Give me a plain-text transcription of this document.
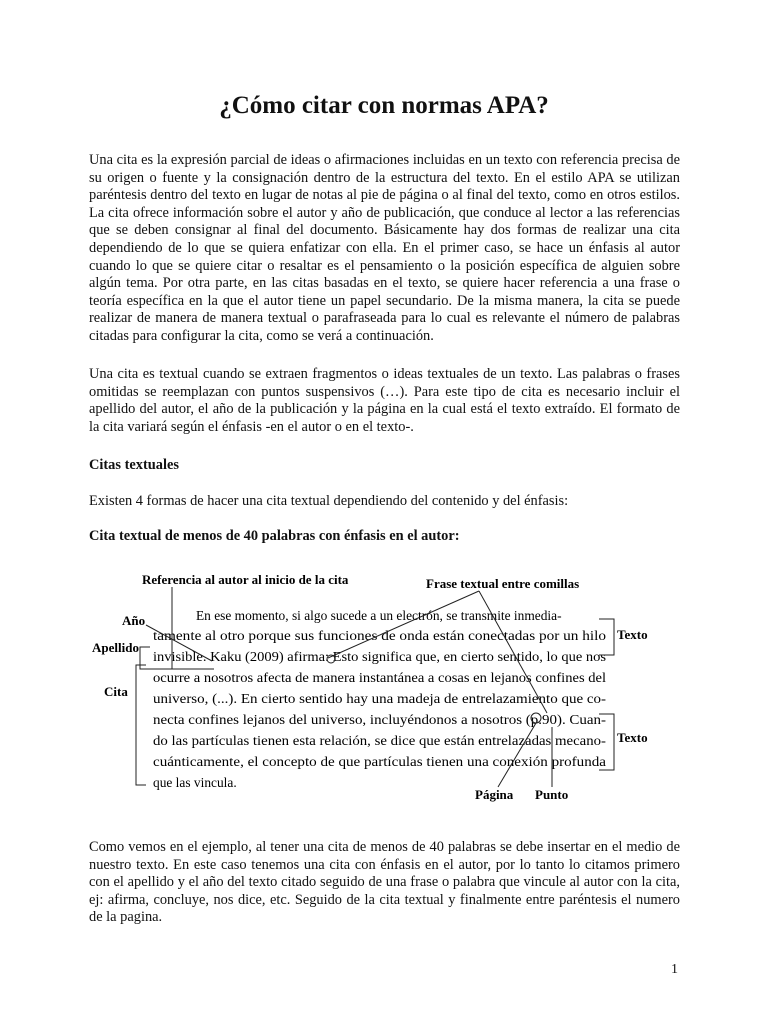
¿Cómo citar con normas APA?

Una cita es la expresión parcial de ideas o afirmaciones incluidas en un texto con referencia precisa de su origen o fuente y la consignación dentro de la estructura del texto. En el estilo APA se utilizan paréntesis dentro del texto en lugar de notas al pie de página o al final del texto, como en otros estilos. La cita ofrece información sobre el autor y año de publicación, que conduce al lector a las referencias que se deben consignar al final del documento. Básicamente hay dos formas de realizar una cita dependiendo de lo que se quiera enfatizar con ella. En el primer caso, se hace un énfasis al autor cuando lo que se quiere citar o resaltar es el pensamiento o la posición específica de alguien sobre algún tema. Por otra parte, en las citas basadas en el texto, se quiere hacer referencia a una frase o teoría específica en la que el autor tiene un papel secundario. De la misma manera, la cita se puede realizar de manera de manera textual o parafraseada para lo cual es relevante el número de palabras citadas para configurar la cita, como se verá a continuación.

Una cita es textual cuando se extraen fragmentos o ideas textuales de un texto. Las palabras o frases omitidas se reemplazan con puntos suspensivos (…). Para este tipo de cita es necesario incluir el apellido del autor, el año de la publicación y la página en la cual está el texto extraído. El formato de la cita variará según el énfasis -en el autor o en el texto-.

Citas textuales

Existen 4 formas de hacer una cita textual dependiendo del contenido y del énfasis:

Cita textual de menos de 40 palabras con énfasis en el autor:

Referencia al autor al inicio de la cita	Frase textual entre comillas
Año
Apellido
Cita
Texto
Texto
Página Punto
En ese momento, si algo sucede a un electrón, se transmite inmedia-
tamente al otro porque sus funciones de onda están conectadas por un hilo
invisible. Kaku (2009) afirma: Esto significa que, en cierto sentido, lo que nos
ocurre a nosotros afecta de manera instantánea a cosas en lejanos confines del
universo, (...). En cierto sentido hay una madeja de entrelazamiento que co-
necta confines lejanos del universo, incluyéndonos a nosotros (p.90). Cuan-
do las partículas tienen esta relación, se dice que están entrelazadas mecano-
cuánticamente, el concepto de que partículas tienen una conexión profunda
que las vincula.

Como vemos en el ejemplo, al tener una cita de menos de 40 palabras se debe insertar en el medio de nuestro texto. En este caso tenemos una cita con énfasis en el autor, por lo tanto lo citamos primero con el apellido y el año del texto citado seguido de una frase o palabra que vincule al autor con la cita, ej: afirma, concluye, nos dice, etc. Seguido de la cita textual y finalmente entre paréntesis el numero de la pagina.

1
